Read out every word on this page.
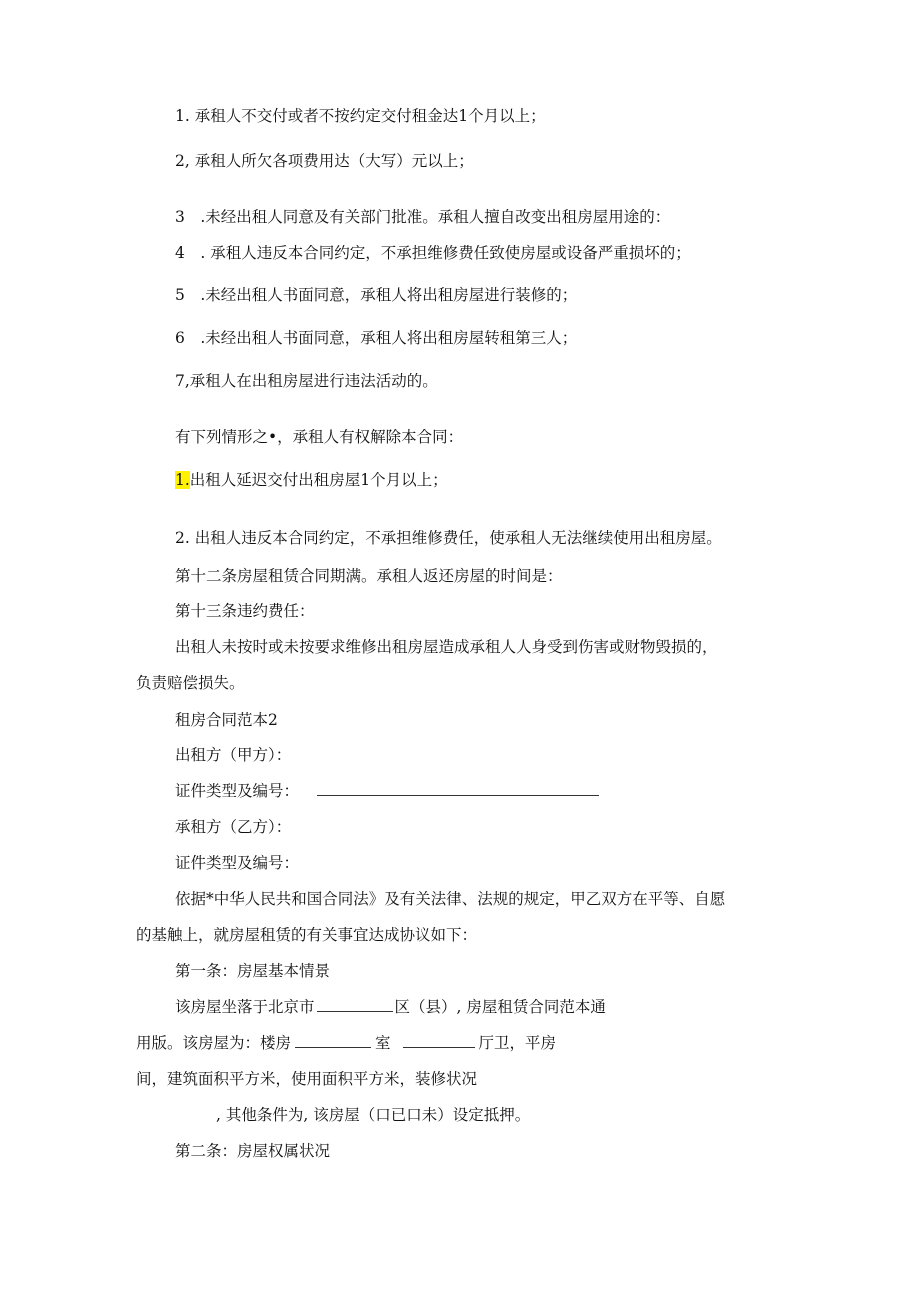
1. 承租人不交付或者不按约定交付租金达1个月以上；
2, 承租人所欠各项费用达（大写）元以上；
3　.未经出租人同意及有关部门批准。承租人擅自改变出租房屋用途的：
4　. 承租人违反本合同约定，不承担维修费任致使房屋或设备严重损坏的；
5　.未经出租人书面同意，承租人将出租房屋进行装修的；
6　.未经出租人书面同意，承租人将出租房屋转租第三人；
7,承租人在出租房屋进行违法活动的。
有下列情形之•，承租人有权解除本合同：
1.出租人延迟交付出租房屋1个月以上；
2. 出租人违反本合同约定，不承担维修费任，使承租人无法继续使用出租房屋。
第十二条房屋租赁合同期满。承租人返还房屋的时间是：
第十三条违约费任：
出租人未按时或未按要求维修出租房屋造成承租人人身受到伤害或财物毁损的，
负责赔偿损失。
租房合同范本2
出租方（甲方）：
证件类型及编号：
承租方（乙方）：
证件类型及编号：
依据*中华人民共和国合同法》及有关法律、法规的规定，甲乙双方在平等、自愿
的基触上，就房屋租赁的有关事宜达成协议如下：
第一条：房屋基本情景
该房屋坐落于北京市	区（县）, 房屋租赁合同范本通
用版。该房屋为：楼房	室	厅卫，平房
间，建筑面积平方米，使用面积平方米，装修状况
, 其他条件为, 该房屋（口已口未）设定抵押。
第二条：房屋权属状况
